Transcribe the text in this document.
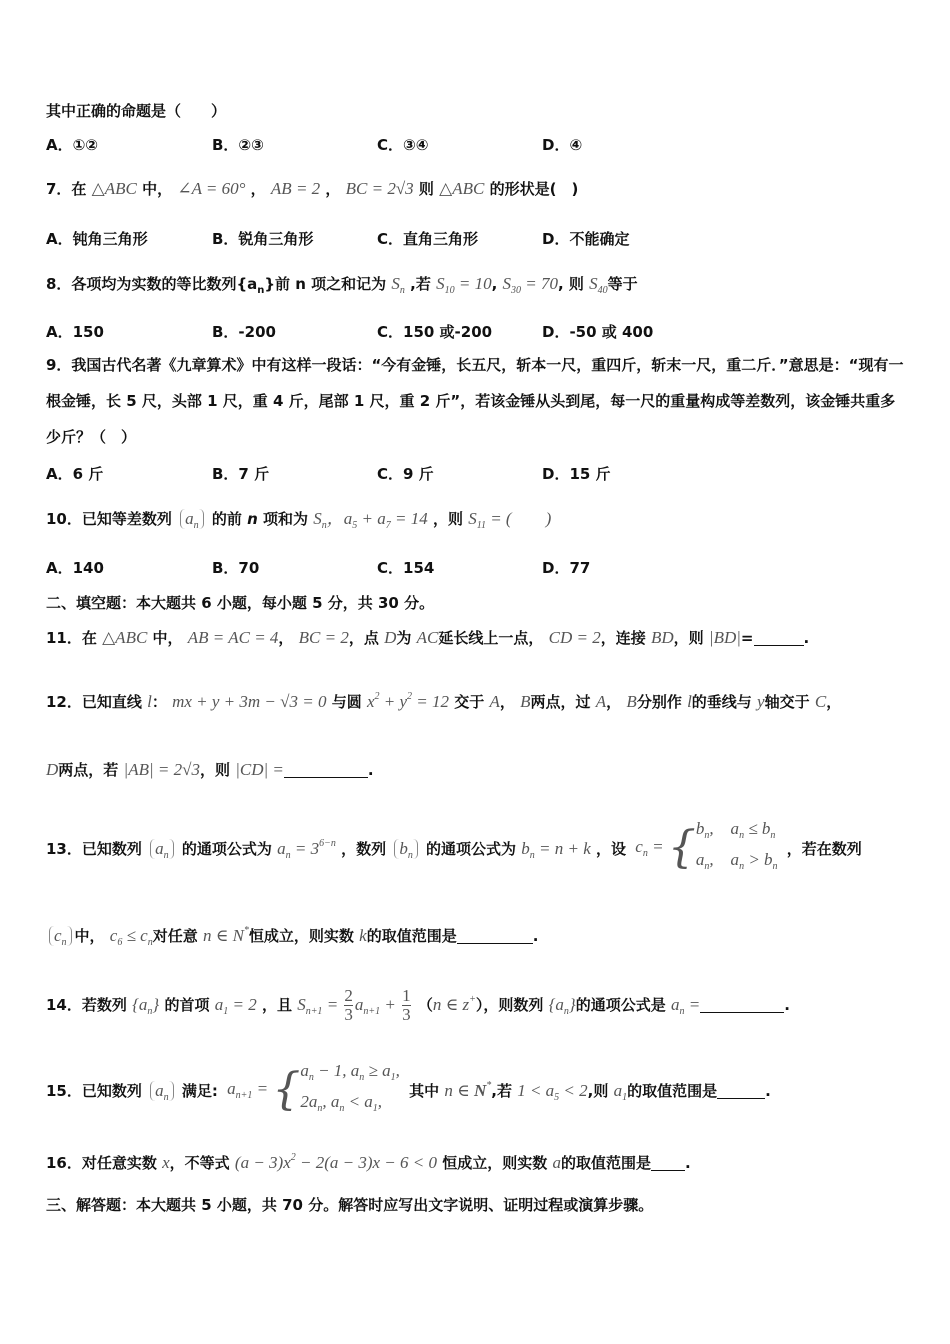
其中正确的命题是（　　）
A．①②	B．②③	C．③④	D．④
7．在 △ABC 中， ∠A = 60° ， AB = 2 ， BC = 2√3 则 △ABC 的形状是(　)
A．钝角三角形	B．锐角三角形	C．直角三角形	D．不能确定
8．各项均为实数的等比数列$\{a_n\}$前 n 项之和记为 $S_n$ ,若 $S_{10} = 10$, $S_{30} = 70$, 则 $S_{40}$等于
A．150	B．-200	C．150 或-200	D．-50 或 400
9．我国古代名著《九章算术》中有这样一段话：“今有金锤，长五尺，斩本一尺，重四斤，斩末一尺，重二斤．”意思是：“现有一根金锤，长 5 尺，头部 1 尺，重 4 斤，尾部 1 尺，重 2 斤”，若该金锤从头到尾，每一尺的重量构成等差数列，该金锤共重多少斤？（　）
A．6 斤	B．7 斤	C．9 斤	D．15 斤
10．已知等差数列 $a_n$ 的前 n 项和为 $S_n$，$a_5 + a_7 = 14$ ，则 $S_{11}$ = (　　)
A．140	B．70	C．154	D．77
二、填空题：本大题共 6 小题，每小题 5 分，共 30 分。
11．在 △ABC 中， AB = AC = 4， BC = 2，点 D为 AC延长线上一点， CD = 2，连接 BD，则 |BD|=	.
12．已知直线 l： mx + y + 3m − √3 = 0 与圆 $x^2 + y^2 = 12$ 交于 A， B两点，过 A， B分别作 l的垂线与 y轴交于 C，
D两点，若 |AB| = 2√3，则 |CD| =	.
13．已知数列 $a_n$ 的通项公式为 $a_n = 3^{6-n}$ ，数列 $b_n$ 的通项公式为 $b_n = n + k$ ，设 $c_n = \{b_n$,　$a_n \le b_n$
$a_n$,　$a_n > b_n$ ，若在数列
$c_n$ 中， $c_6 \le c_n$对任意 n ∈ N*恒成立，则实数 k的取值范围是	.
14．若数列 $\{a_n\}$ 的首项 $a_1 = 2$ ，且 $S_{n+1} = \frac{2}{3} a_{n+1} + \frac{1}{3} (n$ ∈ z+），则数列 $\{a_n\}$的通项公式是 $a_n$ =	.
15．已知数列 $a_n$ 满足: $a_{n+1} = \{a_n - 1$, $a_n \ge a_1$,
$2a_n$, $a_n < a_1$, 其中 n ∈ N*,若 $1 < a_5 < 2$,则 $a_1$的取值范围是	.
16．对任意实数 x，不等式 $(a - 3)x^2 - 2(a - 3)x - 6 < 0$ 恒成立，则实数 a的取值范围是 .
三、解答题：本大题共 5 小题，共 70 分。解答时应写出文字说明、证明过程或演算步骤。
